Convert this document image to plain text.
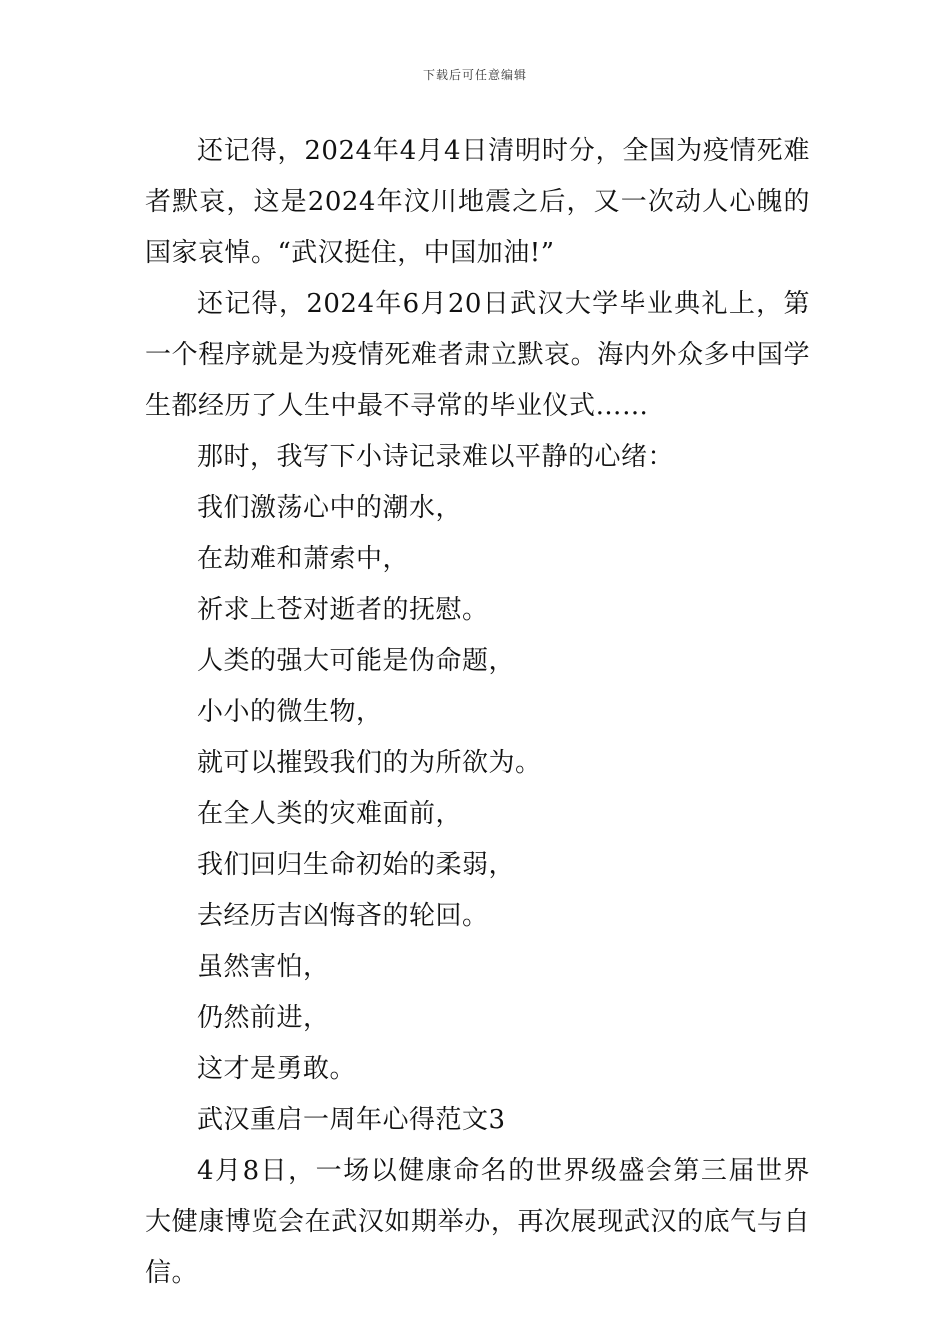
下载后可任意编辑

还记得，2024年4月4日清明时分，全国为疫情死难者默哀，这是2024年汶川地震之后，又一次动人心魄的国家哀悼。“武汉挺住，中国加油!”

还记得，2024年6月20日武汉大学毕业典礼上，第一个程序就是为疫情死难者肃立默哀。海内外众多中国学生都经历了人生中最不寻常的毕业仪式……

那时，我写下小诗记录难以平静的心绪：

我们激荡心中的潮水，

在劫难和萧索中，

祈求上苍对逝者的抚慰。

人类的强大可能是伪命题，

小小的微生物，

就可以摧毁我们的为所欲为。

在全人类的灾难面前，

我们回归生命初始的柔弱，

去经历吉凶悔吝的轮回。

虽然害怕，

仍然前进，

这才是勇敢。

武汉重启一周年心得范文3

4月8日，一场以健康命名的世界级盛会第三届世界大健康博览会在武汉如期举办，再次展现武汉的底气与自信。
